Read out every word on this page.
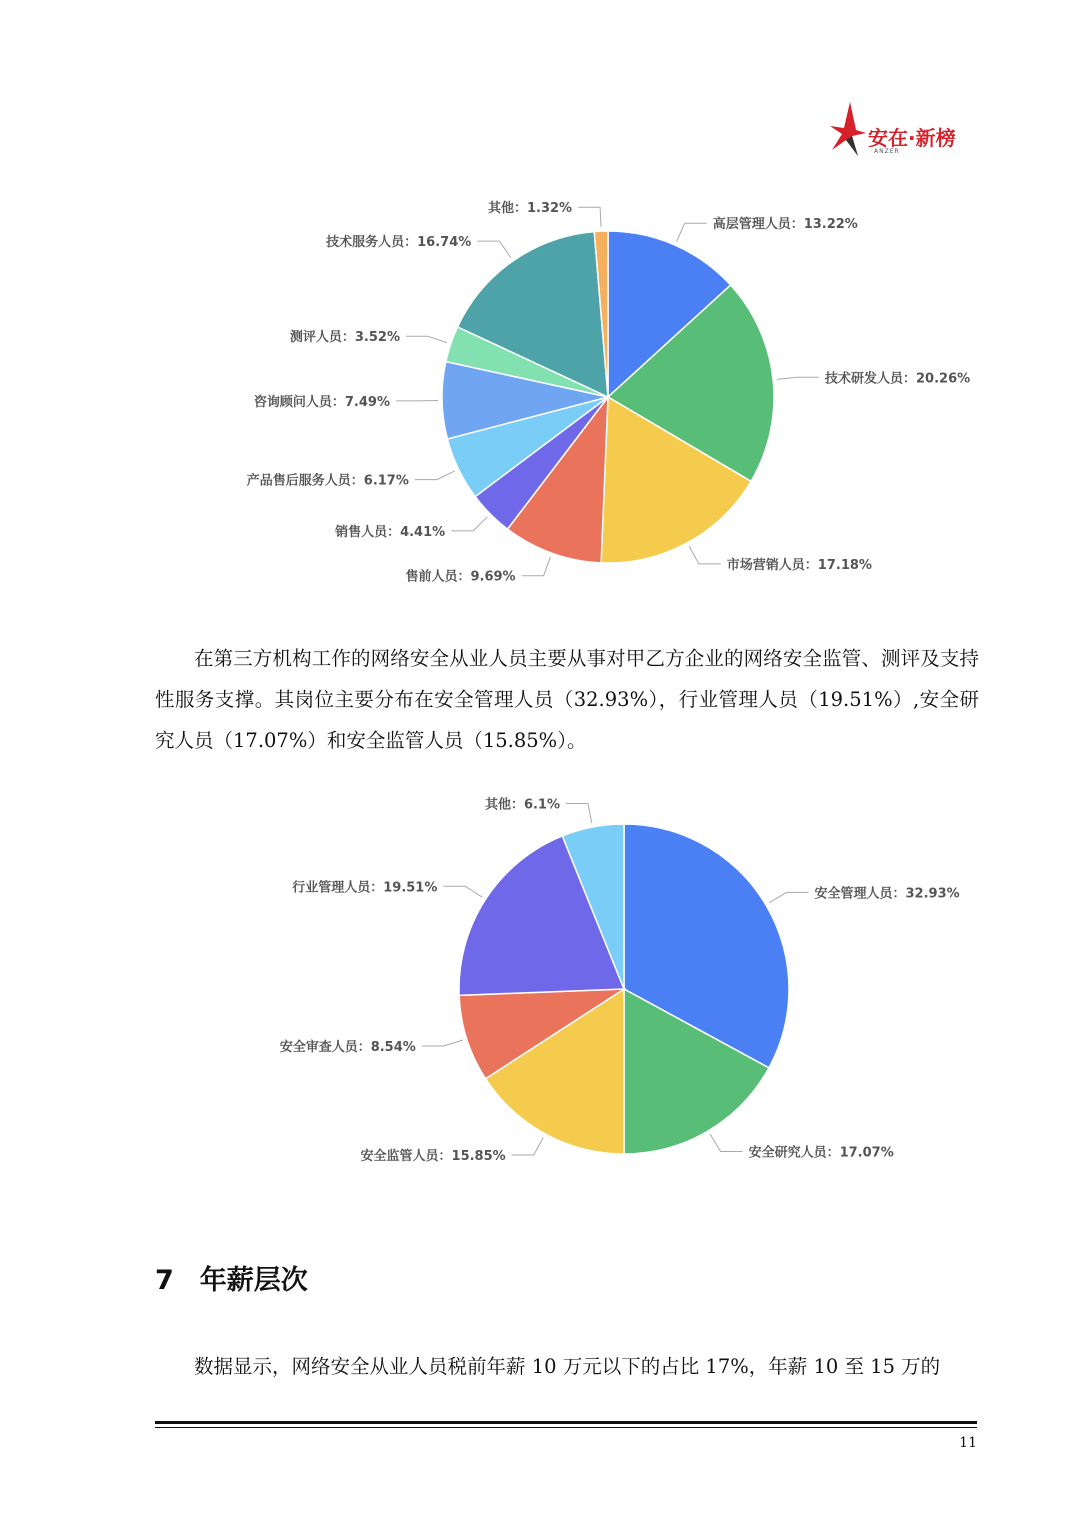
安在·新榜
ANZER
高层管理人员：13.22%
技术研发人员：20.26%
市场营销人员：17.18%
售前人员：9.69%
销售人员：4.41%
产品售后服务人员：6.17%
咨询顾问人员：7.49%
测评人员：3.52%
技术服务人员：16.74%
其他：1.32%

在第三方机构工作的网络安全从业人员主要从事对甲乙方企业的网络安全监管、测评及支持性服务支撑。其岗位主要分布在安全管理人员（32.93%），行业管理人员（19.51%）,安全研究人员（17.07%）和安全监管人员（15.85%）。

安全管理人员：32.93%
安全研究人员：17.07%
安全监管人员：15.85%
安全审查人员：8.54%
行业管理人员：19.51%
其他：6.1%
7 年薪层次

数据显示，网络安全从业人员税前年薪 10 万元以下的占比 17%，年薪 10 至 15 万的

11
